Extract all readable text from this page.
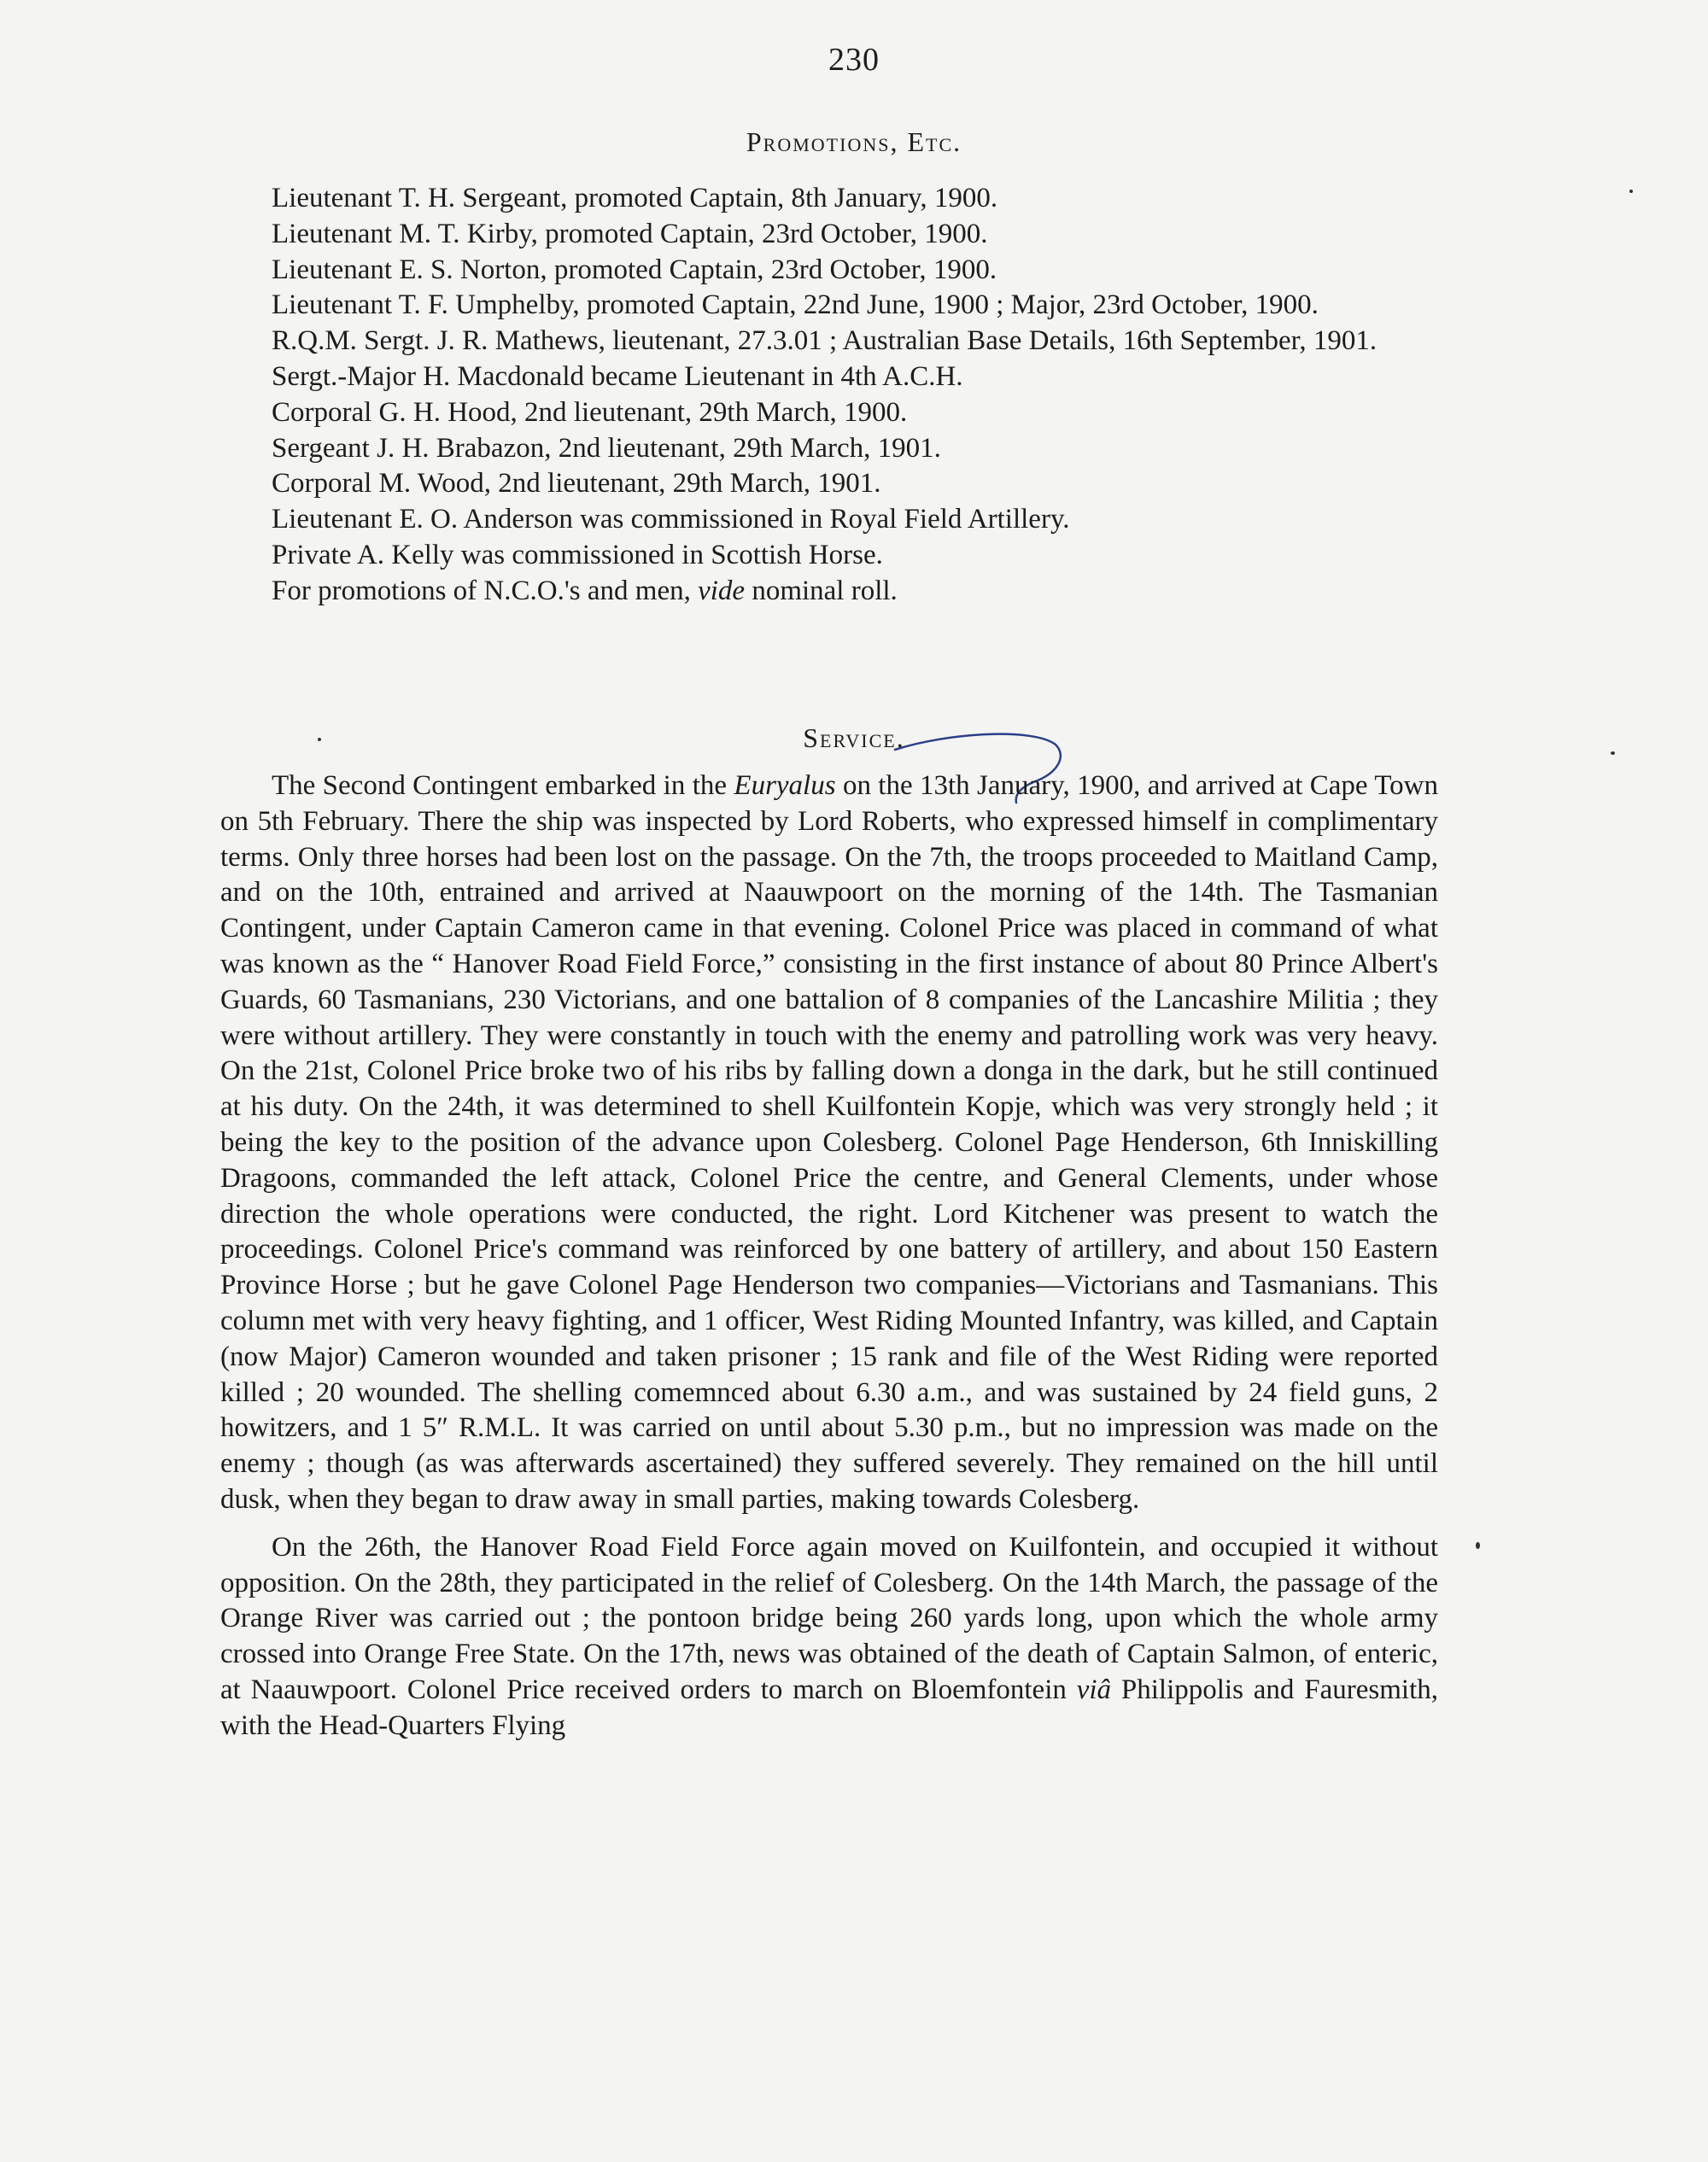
230
Promotions, Etc.

Lieutenant T. H. Sergeant, promoted Captain, 8th January, 1900.

Lieutenant M. T. Kirby, promoted Captain, 23rd October, 1900.

Lieutenant E. S. Norton, promoted Captain, 23rd October, 1900.

Lieutenant T. F. Umphelby, promoted Captain, 22nd June, 1900 ; Major, 23rd October, 1900.

R.Q.M. Sergt. J. R. Mathews, lieutenant, 27.3.01 ; Australian Base Details, 16th September, 1901.

Sergt.-Major H. Macdonald became Lieutenant in 4th A.C.H.

Corporal G. H. Hood, 2nd lieutenant, 29th March, 1900.

Sergeant J. H. Brabazon, 2nd lieutenant, 29th March, 1901.

Corporal M. Wood, 2nd lieutenant, 29th March, 1901.

Lieutenant E. O. Anderson was commissioned in Royal Field Artillery.

Private A. Kelly was commissioned in Scottish Horse.

For promotions of N.C.O.'s and men, vide nominal roll.

Service.

The Second Contingent embarked in the Euryalus on the 13th January, 1900, and arrived at Cape Town on 5th February. There the ship was inspected by Lord Roberts, who expressed himself in complimentary terms. Only three horses had been lost on the passage. On the 7th, the troops proceeded to Maitland Camp, and on the 10th, entrained and arrived at Naauwpoort on the morning of the 14th. The Tasmanian Contingent, under Captain Cameron came in that evening. Colonel Price was placed in command of what was known as the “ Hanover Road Field Force,” consisting in the first instance of about 80 Prince Albert's Guards, 60 Tasmanians, 230 Victorians, and one battalion of 8 companies of the Lancashire Militia ; they were without artillery. They were constantly in touch with the enemy and patrolling work was very heavy. On the 21st, Colonel Price broke two of his ribs by falling down a donga in the dark, but he still continued at his duty. On the 24th, it was determined to shell Kuilfontein Kopje, which was very strongly held ; it being the key to the position of the advance upon Colesberg. Colonel Page Henderson, 6th Inniskilling Dragoons, commanded the left attack, Colonel Price the centre, and General Clements, under whose direction the whole operations were conducted, the right. Lord Kitchener was present to watch the proceedings. Colonel Price's command was reinforced by one battery of artillery, and about 150 Eastern Province Horse ; but he gave Colonel Page Henderson two companies—Victorians and Tasmanians. This column met with very heavy fighting, and 1 officer, West Riding Mounted Infantry, was killed, and Captain (now Major) Cameron wounded and taken prisoner ; 15 rank and file of the West Riding were reported killed ; 20 wounded. The shelling comemnced about 6.30 a.m., and was sustained by 24 field guns, 2 howitzers, and 1 5″ R.M.L. It was carried on until about 5.30 p.m., but no impression was made on the enemy ; though (as was afterwards ascertained) they suffered severely. They remained on the hill until dusk, when they began to draw away in small parties, making towards Colesberg.

On the 26th, the Hanover Road Field Force again moved on Kuilfontein, and occupied it without opposition. On the 28th, they participated in the relief of Colesberg. On the 14th March, the passage of the Orange River was carried out ; the pontoon bridge being 260 yards long, upon which the whole army crossed into Orange Free State. On the 17th, news was obtained of the death of Captain Salmon, of enteric, at Naauwpoort. Colonel Price received orders to march on Bloemfontein viâ Philippolis and Fauresmith, with the Head-Quarters Flying
